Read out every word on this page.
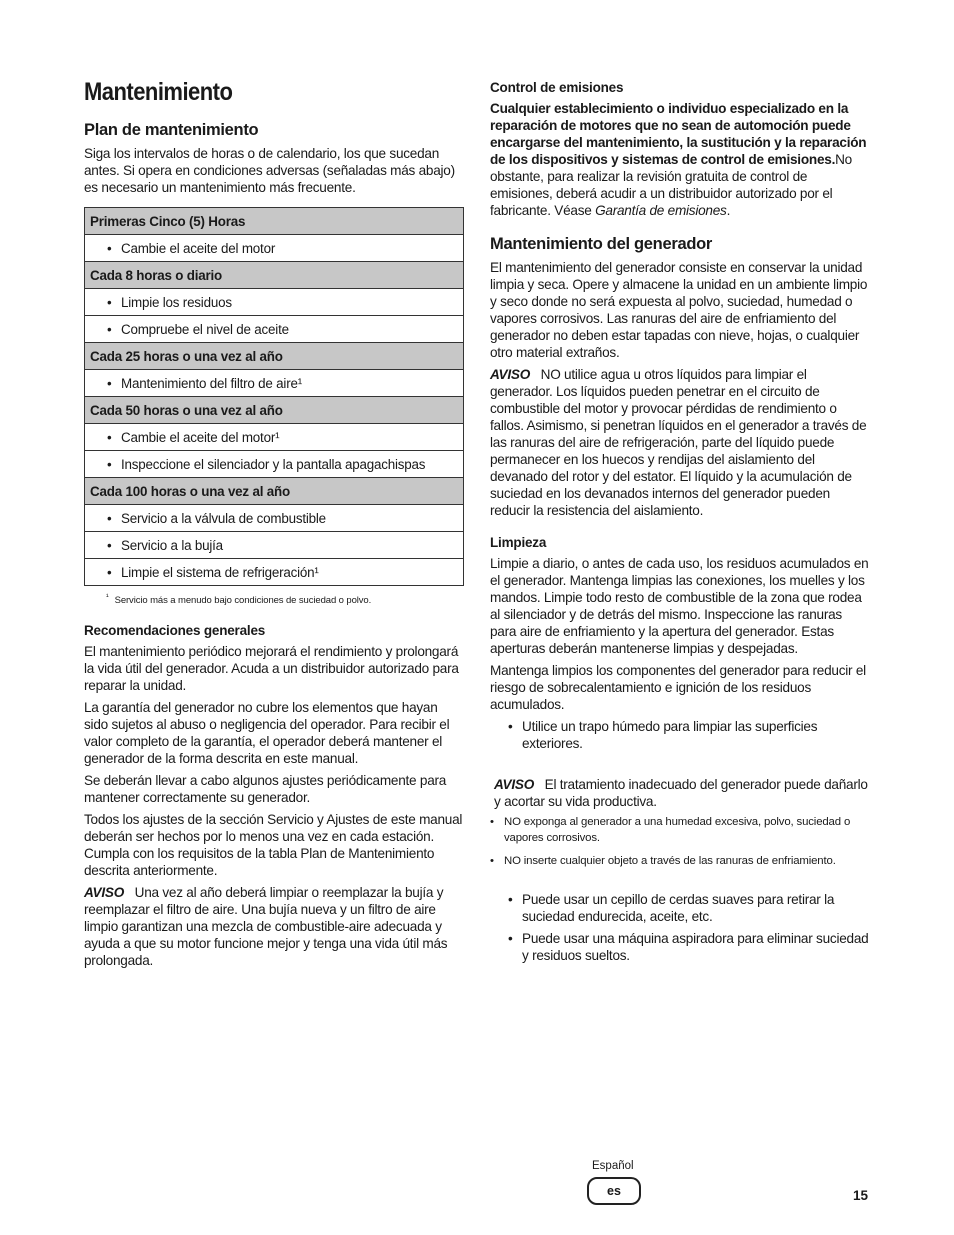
Mantenimiento
Plan de mantenimiento

Siga los intervalos de horas o de calendario, los que sucedan antes. Si opera en condiciones adversas (señaladas más abajo) es necesario un mantenimiento más frecuente.

Primeras Cinco (5) Horas
• Cambie el aceite del motor
Cada 8 horas o diario
• Limpie los residuos
• Compruebe el nivel de aceite
Cada 25 horas o una vez al año
• Mantenimiento del filtro de aire¹
Cada 50 horas o una vez al año
• Cambie el aceite del motor¹
• Inspeccione el silenciador y la pantalla apagachispas
Cada 100 horas o una vez al año
• Servicio a la válvula de combustible
• Servicio a la bujía
• Limpie el sistema de refrigeración¹
$^{^1}$ Servicio más a menudo bajo condiciones de suciedad o polvo.
Recomendaciones generales

El mantenimiento periódico mejorará el rendimiento y prolongará la vida útil del generador. Acuda a un distribuidor autorizado para reparar la unidad.

La garantía del generador no cubre los elementos que hayan sido sujetos al abuso o negligencia del operador. Para recibir el valor completo de la garantía, el operador deberá mantener el generador de la forma descrita en este manual.

Se deberán llevar a cabo algunos ajustes periódicamente para mantener correctamente su generador.

Todos los ajustes de la sección Servicio y Ajustes de este manual deberán ser hechos por lo menos una vez en cada estación. Cumpla con los requisitos de la tabla Plan de Mantenimiento descrita anteriormente.

AVISO Una vez al año deberá limpiar o reemplazar la bujía y reemplazar el filtro de aire. Una bujía nueva y un filtro de aire limpio garantizan una mezcla de combustible-aire adecuada y ayuda a que su motor funcione mejor y tenga una vida útil más prolongada.

Control de emisiones

Cualquier establecimiento o individuo especializado en la reparación de motores que no sean de automoción puede encargarse del mantenimiento, la sustitución y la reparación de los dispositivos y sistemas de control de emisiones.No obstante, para realizar la revisión gratuita de control de emisiones, deberá acudir a un distribuidor autorizado por el fabricante. Véase Garantía de emisiones.

Mantenimiento del generador

El mantenimiento del generador consiste en conservar la unidad limpia y seca. Opere y almacene la unidad en un ambiente limpio y seco donde no será expuesta al polvo, suciedad, humedad o vapores corrosivos. Las ranuras del aire de enfriamiento del generador no deben estar tapadas con nieve, hojas, o cualquier otro material extraños.

AVISO NO utilice agua u otros líquidos para limpiar el generador. Los líquidos pueden penetrar en el circuito de combustible del motor y provocar pérdidas de rendimiento o fallos. Asimismo, si penetran líquidos en el generador a través de las ranuras del aire de refrigeración, parte del líquido puede permanecer en los huecos y rendijas del aislamiento del devanado del rotor y del estator. El líquido y la acumulación de suciedad en los devanados internos del generador pueden reducir la resistencia del aislamiento.

Limpieza

Limpie a diario, o antes de cada uso, los residuos acumulados en el generador. Mantenga limpias las conexiones, los muelles y los mandos. Limpie todo resto de combustible de la zona que rodea al silenciador y de detrás del mismo. Inspeccione las ranuras para aire de enfriamiento y la apertura del generador. Estas aperturas deberán mantenerse limpias y despejadas.

Mantenga limpios los componentes del generador para reducir el riesgo de sobrecalentamiento e ignición de los residuos acumulados.

• Utilice un trapo húmedo para limpiar las superficies exteriores.

AVISO El tratamiento inadecuado del generador puede dañarlo y acortar su vida productiva.

• NO exponga al generador a una humedad excesiva, polvo, suciedad o vapores corrosivos.
• NO inserte cualquier objeto a través de las ranuras de enfriamiento.
• Puede usar un cepillo de cerdas suaves para retirar la suciedad endurecida, aceite, etc.
• Puede usar una máquina aspiradora para eliminar suciedad y residuos sueltos.
Español
es	15
